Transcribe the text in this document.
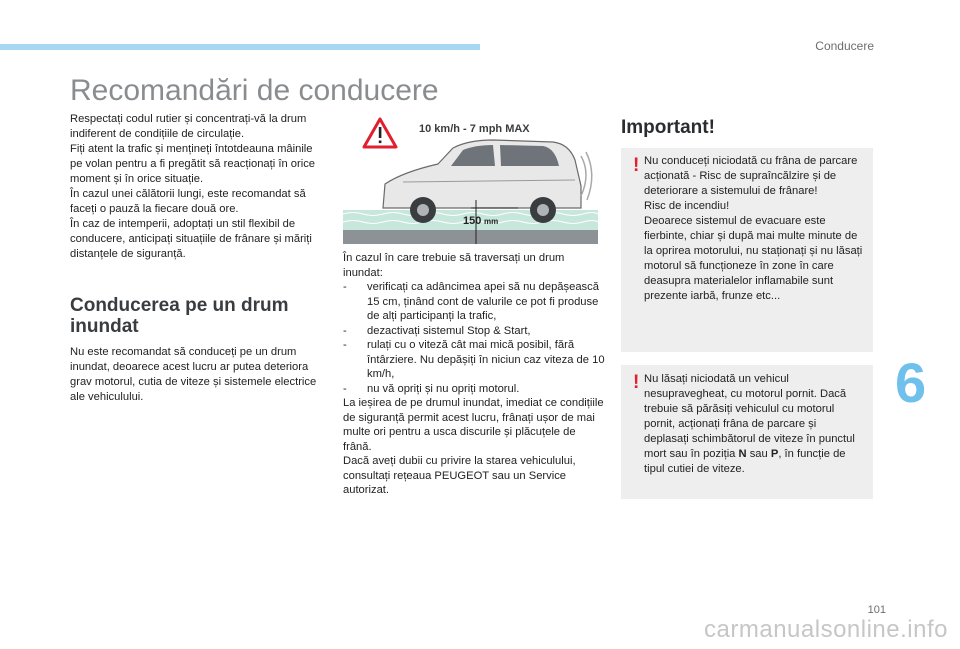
Conducere
Recomandări de conducere

Respectați codul rutier și concentrați-vă la drum indiferent de condițiile de circulație.

Fiți atent la trafic și mențineți întotdeauna mâinile pe volan pentru a fi pregătit să reacționați în orice moment și în orice situație.

În cazul unei călătorii lungi, este recomandat să faceți o pauză la fiecare două ore.

În caz de intemperii, adoptați un stil flexibil de conducere, anticipați situațiile de frânare și măriți distanțele de siguranță.

Conducerea pe un drum inundat

Nu este recomandat să conduceți pe un drum inundat, deoarece acest lucru ar putea deteriora grav motorul, cutia de viteze și sistemele electrice ale vehiculului.

150 mm
10 km/h - 7 mph MAX

În cazul în care trebuie să traversați un drum inundat:

- verificați ca adâncimea apei să nu depășească 15 cm, ținând cont de valurile ce pot fi produse de alți participanți la trafic,
- dezactivați sistemul Stop & Start,
- rulați cu o viteză cât mai mică posibil, fără întârziere. Nu depășiți în niciun caz viteza de 10 km/h,
- nu vă opriți și nu opriți motorul.

La ieșirea de pe drumul inundat, imediat ce condițiile de siguranță permit acest lucru, frânați ușor de mai multe ori pentru a usca discurile și plăcuțele de frână.

Dacă aveți dubii cu privire la starea vehiculului, consultați rețeaua PEUGEOT sau un Service autorizat.

Important!
! Nu conduceți niciodată cu frâna de parcare acționată - Risc de supraîncălzire și de deteriorare a sistemului de frânare!

Risc de incendiu!

Deoarece sistemul de evacuare este fierbinte, chiar și după mai multe minute de la oprirea motorului, nu staționați și nu lăsați motorul să funcționeze în zone în care deasupra materialelor inflamabile sunt prezente iarbă, frunze etc...

! Nu lăsați niciodată un vehicul nesupravegheat, cu motorul pornit. Dacă trebuie să părăsiți vehiculul cu motorul pornit, acționați frâna de parcare și deplasați schimbătorul de viteze în punctul mort sau în poziția N sau P, în funcție de tipul cutiei de viteze.

6
101
carmanualsonline.info
